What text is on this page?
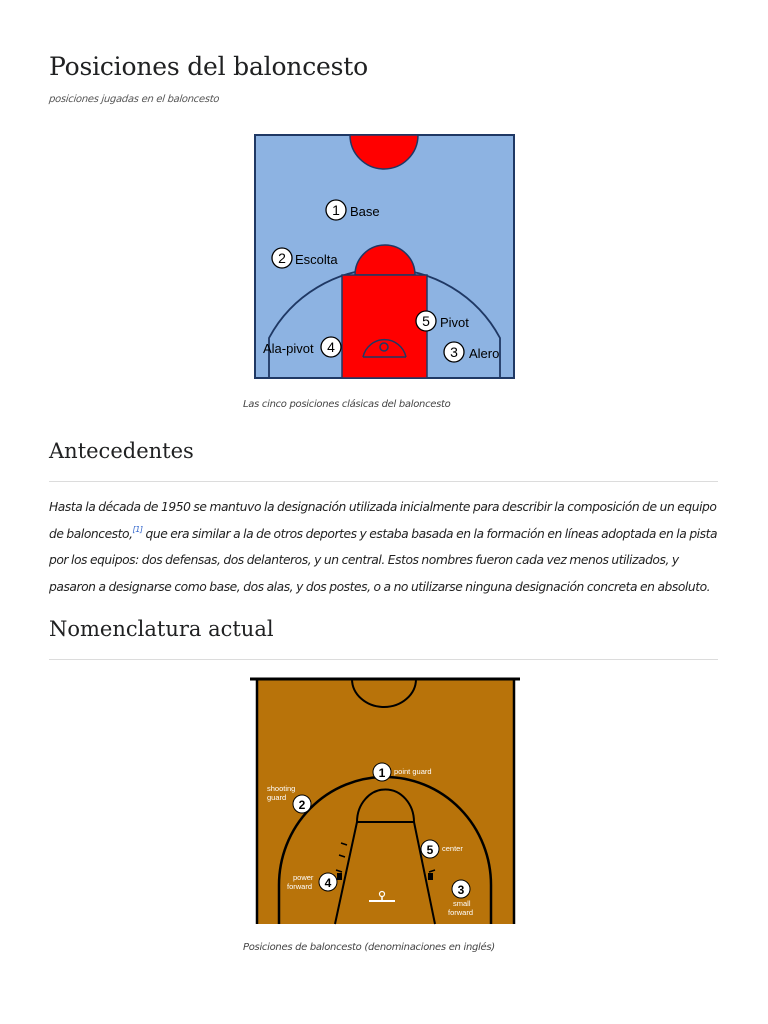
Posiciones del baloncesto
posiciones jugadas en el baloncesto
1 Base
2 Escolta
5 Pivot
Ala-pivot 4	3 Alero
Las cinco posiciones clásicas del baloncesto
Antecedentes
Hasta la década de 1950 se mantuvo la designación utilizada inicialmente para describir la composición de un equipo de baloncesto,[1] que era similar a la de otros deportes y estaba basada en la formación en líneas adoptada en la pista por los equipos: dos defensas, dos delanteros, y un central. Estos nombres fueron cada vez menos utilizados, y pasaron a designarse como base, dos alas, y dos postes, o a no utilizarse ninguna designación concreta en absoluto.
Nomenclatura actual
1 point guard
shooting
guard
2
5 center
power
forward 4	3
small
forward
Posiciones de baloncesto (denominaciones en inglés)
